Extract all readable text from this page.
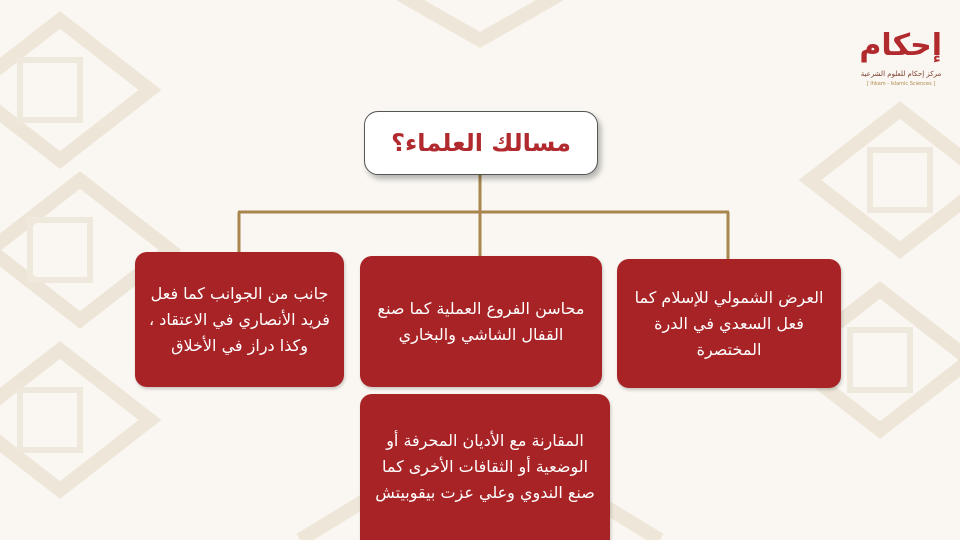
إحكام
مركز إحكام للعلوم الشرعية
[ Ihkam - Islamic Sciences ]
مسالك العلماء؟
العرض الشمولي للإسلام كما فعل السعدي في الدرة المختصرة
محاسن الفروع العملية كما صنع القفال الشاشي والبخاري
جانب من الجوانب كما فعل فريد الأنصاري في الاعتقاد ، وكذا دراز في الأخلاق
المقارنة مع الأديان المحرفة أو الوضعية أو الثقافات الأخرى كما صنع الندوي وعلي عزت بيقوبيتش
